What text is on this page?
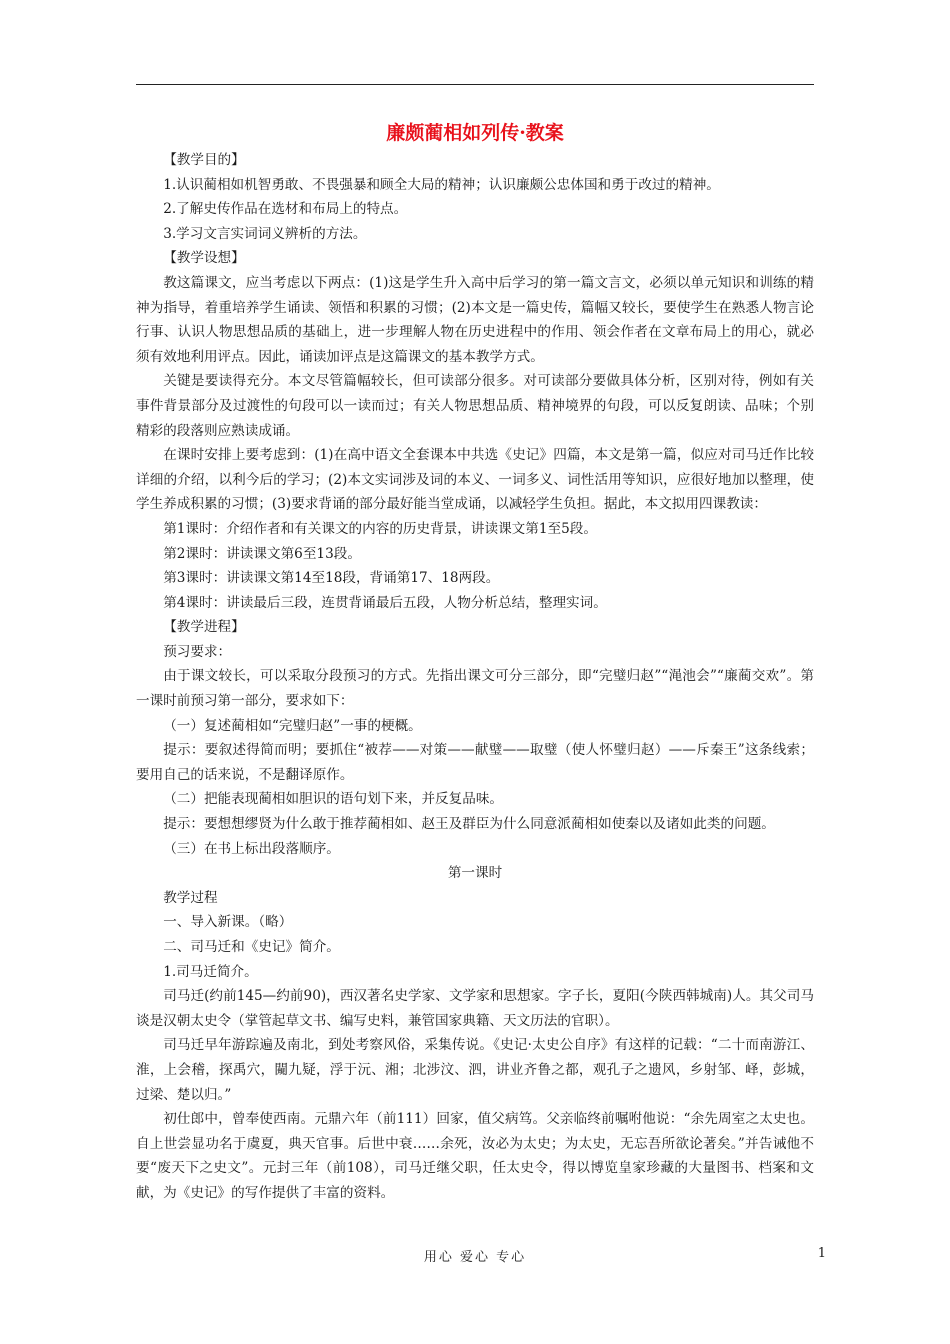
廉颇蔺相如列传·教案

【教学目的】

1.认识蔺相如机智勇敢、不畏强暴和顾全大局的精神；认识廉颇公忠体国和勇于改过的精神。

2.了解史传作品在选材和布局上的特点。

3.学习文言实词词义辨析的方法。

【教学设想】

教这篇课文，应当考虑以下两点：(1)这是学生升入高中后学习的第一篇文言文，必须以单元知识和训练的精神为指导，着重培养学生诵读、领悟和积累的习惯；(2)本文是一篇史传，篇幅又较长，要使学生在熟悉人物言论行事、认识人物思想品质的基础上，进一步理解人物在历史进程中的作用、领会作者在文章布局上的用心，就必须有效地利用评点。因此，诵读加评点是这篇课文的基本教学方式。

关键是要读得充分。本文尽管篇幅较长，但可读部分很多。对可读部分要做具体分析，区别对待，例如有关事件背景部分及过渡性的句段可以一读而过；有关人物思想品质、精神境界的句段，可以反复朗读、品味；个别精彩的段落则应熟读成诵。

在课时安排上要考虑到：(1)在高中语文全套课本中共选《史记》四篇，本文是第一篇，似应对司马迁作比较详细的介绍，以利今后的学习；(2)本文实词涉及词的本义、一词多义、词性活用等知识，应很好地加以整理，使学生养成积累的习惯；(3)要求背诵的部分最好能当堂成诵，以减轻学生负担。据此，本文拟用四课教读：

第1课时：介绍作者和有关课文的内容的历史背景，讲读课文第1至5段。

第2课时：讲读课文第6至13段。

第3课时：讲读课文第14至18段，背诵第17、18两段。

第4课时：讲读最后三段，连贯背诵最后五段，人物分析总结，整理实词。

【教学进程】

预习要求：

由于课文较长，可以采取分段预习的方式。先指出课文可分三部分，即“完璧归赵”“渑池会”“廉蔺交欢”。第一课时前预习第一部分，要求如下：

（一）复述蔺相如“完璧归赵”一事的梗概。

提示：要叙述得简而明；要抓住“被荐——对策——献璧——取璧（使人怀璧归赵）——斥秦王”这条线索；要用自己的话来说，不是翻译原作。

（二）把能表现蔺相如胆识的语句划下来，并反复品味。

提示：要想想缪贤为什么敢于推荐蔺相如、赵王及群臣为什么同意派蔺相如使秦以及诸如此类的问题。

（三）在书上标出段落顺序。

第一课时

教学过程

一、导入新课。（略）

二、司马迁和《史记》简介。

1.司马迁简介。

司马迁(约前145—约前90)，西汉著名史学家、文学家和思想家。字子长，夏阳(今陕西韩城南)人。其父司马谈是汉朝太史令（掌管起草文书、编写史料，兼管国家典籍、天文历法的官职）。

司马迁早年游踪遍及南北，到处考察风俗，采集传说。《史记·太史公自序》有这样的记载：“二十而南游江、淮，上会稽，探禹穴，闚九疑，浮于沅、湘；北涉汶、泗，讲业齐鲁之都，观孔子之遗风，乡射邹、峄，彭城，过梁、楚以归。”

初仕郎中，曾奉使西南。元鼎六年（前111）回家，值父病笃。父亲临终前嘱咐他说：“余先周室之太史也。自上世尝显功名于虞夏，典天官事。后世中衰……余死，汝必为太史；为太史，无忘吾所欲论著矣。”并告诫他不要“废天下之史文”。元封三年（前108），司马迁继父职，任太史令，得以博览皇家珍藏的大量图书、档案和文献，为《史记》的写作提供了丰富的资料。

用心 爱心 专心	1
